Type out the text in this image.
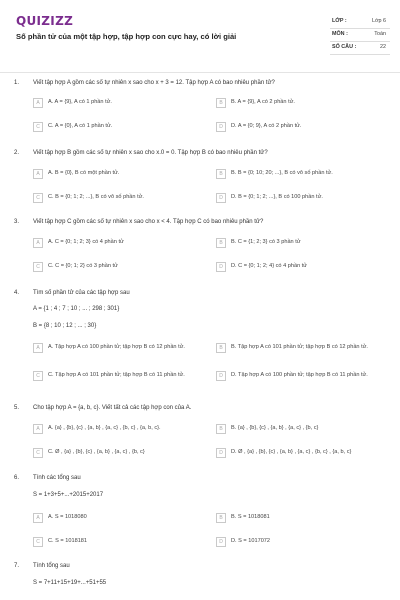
QUIZIZZ
Số phần tử của một tập hợp, tập hợp con cực hay, có lời giải
LỚP :	Lớp 6
MÔN :	Toán
SỐ CÂU :	22
1. Viết tập hợp A gồm các số tự nhiên x sao cho x + 3 = 12. Tập hợp A có bao nhiêu phần tử?
A	A. A = {9}, A có 1 phần tử.	B	B. A = {9}, A có 2 phần tử.
C	C. A = {0}, A có 1 phần tử.	D	D. A = {0; 9}, A có 2 phần tử.
2. Viết tập hợp B gồm các số tự nhiên x sao cho x.0 = 0. Tập hợp B có bao nhiêu phần tử?
A	A. B = {0}, B có một phần tử.	B	B. B = {0; 10; 20; ...}, B có vô số phần tử.
C	C. B = {0; 1; 2; ...}, B có vô số phần tử.	D	D. B = {0; 1; 2; ...}, B có 100 phần tử.
3. Viết tập hợp C gồm các số tự nhiên x sao cho x < 4. Tập hợp C có bao nhiêu phần tử?
A	A. C = {0; 1; 2; 3} có 4 phần tử	B	B. C = {1; 2; 3} có 3 phần tử
C	C. C = {0; 1; 2} có 3 phần tử	D	D. C = {0; 1; 2; 4} có 4 phần tử
4. Tìm số phần tử của các tập hợp sau
A = {1 ; 4 ; 7 ; 10 ; ... ; 298 ; 301}
B = {8 ; 10 ; 12 ; ... ; 30}
A	A. Tập hợp A có 100 phần tử; tập hợp B có 12 phần tử.	B	B. Tập hợp A có 101 phần tử; tập hợp B có 12 phần tử.
C	C. Tập hợp A có 101 phần tử; tập hợp B có 11 phần tử.	D	D. Tập hợp A có 100 phần tử; tập hợp B có 11 phần tử.
5. Cho tập hợp A = {a, b, c}. Viết tất cả các tập hợp con của A.
A	A. {a} , {b}, {c} , {a, b} , {a, c} , {b, c} , {a, b, c}.	B	B. {a} , {b}, {c} , {a, b} , {a, c} , {b, c}
C	C. Ø , {a} , {b}, {c} , {a, b} , {a, c} , {b, c}	D	D. Ø , {a} , {b}, {c} , {a, b} , {a, c} , {b, c} , {a, b, c}
6. Tính các tổng sau
S = 1+3+5+...+2015+2017
A	A. S = 1018080	B	B. S = 1018081
C	C. S = 1018181	D	D. S = 1017072
7. Tính tổng sau
S = 7+11+15+19+...+51+55
